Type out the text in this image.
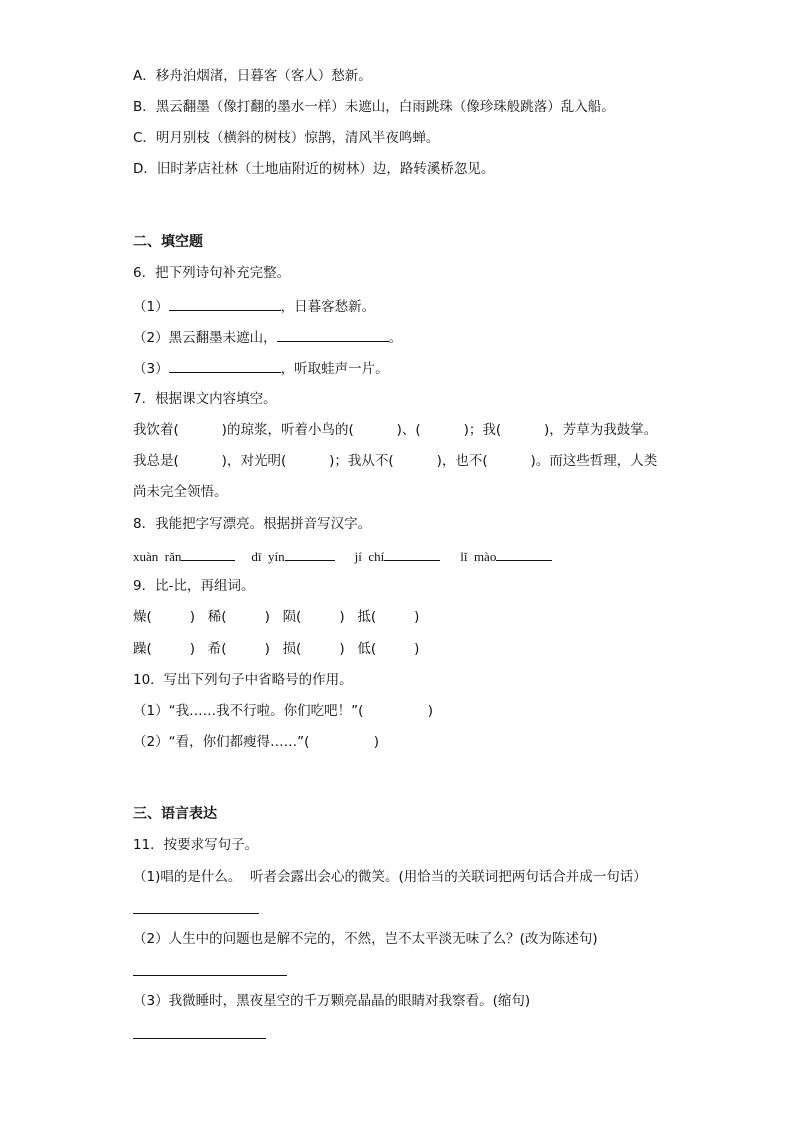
A．移舟泊烟渚，日暮客（客人）愁新。
B．黑云翻墨（像打翻的墨水一样）未遮山，白雨跳珠（像珍珠般跳落）乱入船。
C．明月别枝（横斜的树枝）惊鹊，清风半夜鸣蝉。
D．旧时茅店社林（土地庙附近的树林）边，路转溪桥忽见。
二、填空题
6．把下列诗句补充完整。
（1）	，日暮客愁新。
（2）黑云翻墨未遮山，	。
（3）	，听取蛙声一片。
7．根据课文内容填空。
我饮着(          )的琼浆，听着小鸟的(          )、(          )；我(          )，芳草为我鼓掌。
我总是(          )，对光明(          )；我从不(          )，也不(          )。而这些哲理，人类
尚未完全领悟。
8．我能把字写漂亮。根据拼音写汉字。
xuàn  rǎn	dī  yín	jí  chí	lǐ  mào
9．比-比，再组词。
燥(	) 稀(	) 陨(	) 抵(	)
躁(	) 希(	) 损(	) 低(	)
10．写出下列句子中省略号的作用。
（1）“我……我不行啦。你们吃吧！”(               )
（2）“看，你们都瘦得……”(               )
三、语言表达
11．按要求写句子。
（1)唱的是什么。  听者会露出会心的微笑。(用恰当的关联词把两句话合并成一句话）
（2）人生中的问题也是解不完的，不然，岂不太平淡无味了么？(改为陈述句)
（3）我微睡时，黑夜星空的千万颗亮晶晶的眼睛对我察看。(缩句)
